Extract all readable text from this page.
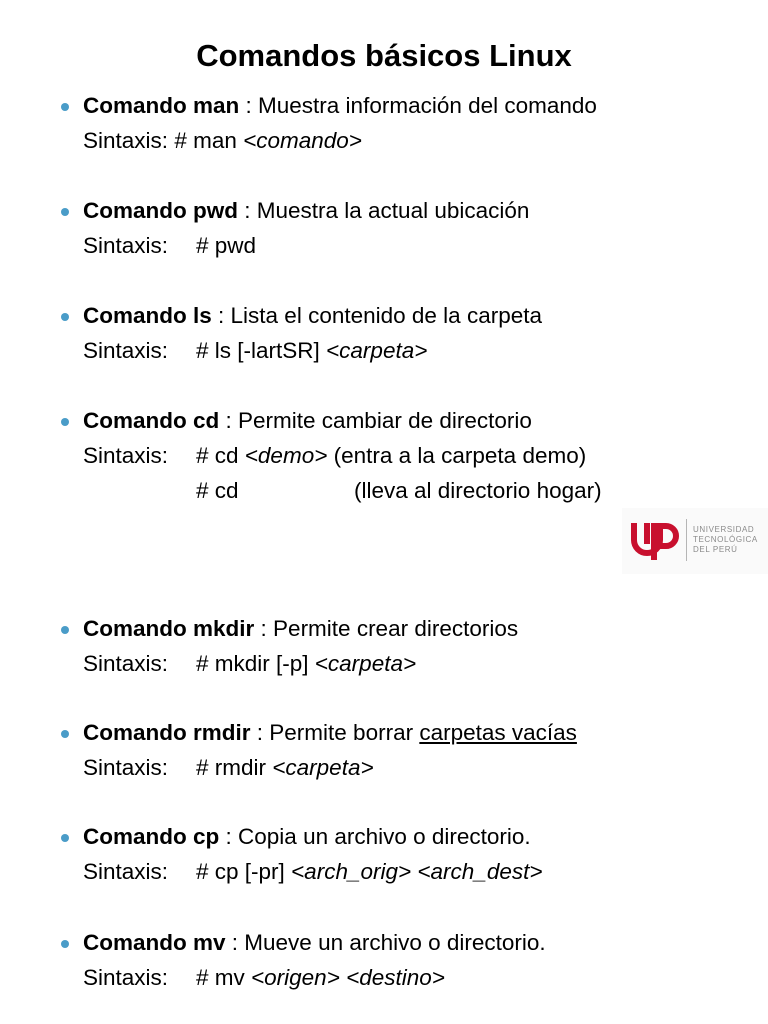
Comandos básicos Linux
Comando man : Muestra información del comando
Sintaxis: # man <comando>
Comando pwd : Muestra la actual ubicación
Sintaxis: # pwd
Comando ls : Lista el contenido de la carpeta
Sintaxis: # ls [-lartSR] <carpeta>
Comando cd : Permite cambiar de directorio
Sintaxis: # cd <demo> (entra a la carpeta demo)
# cd	(lleva al directorio hogar)
UNIVERSIDAD
TECNOLÓGICA
DEL PERÚ
Comando mkdir : Permite crear directorios
Sintaxis: # mkdir [-p] <carpeta>
Comando rmdir : Permite borrar carpetas vacías
Sintaxis: # rmdir <carpeta>
Comando cp : Copia un archivo o directorio.
Sintaxis: # cp [-pr] <arch_orig> <arch_dest>
Comando mv : Mueve un archivo o directorio.
Sintaxis: # mv <origen> <destino>
